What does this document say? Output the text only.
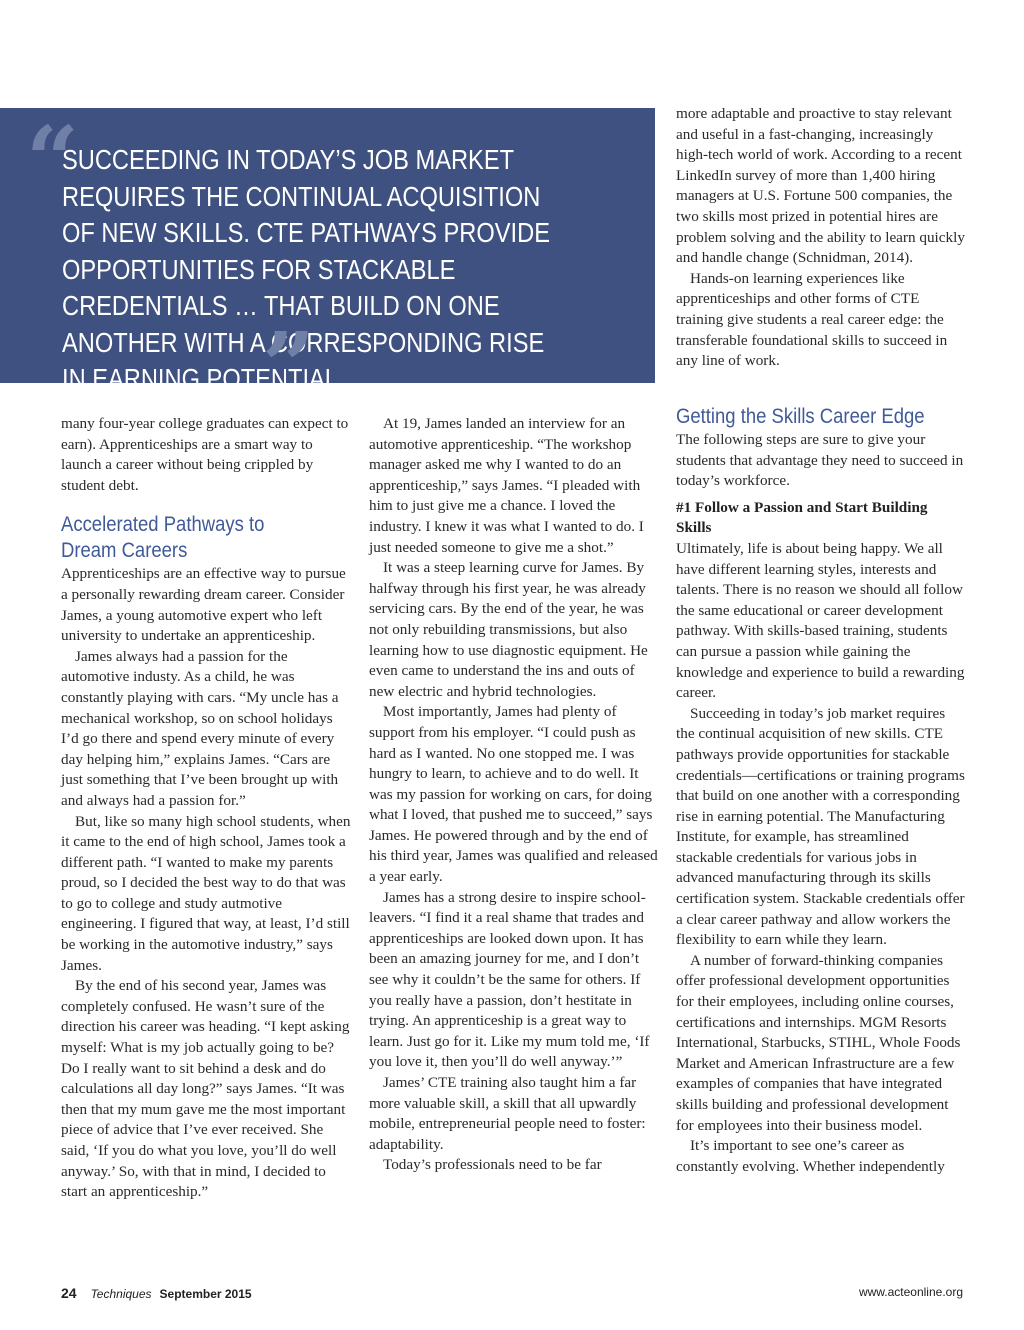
“
SUCCEEDING IN TODAY’S JOB MARKET REQUIRES THE CONTINUAL ACQUISITION OF NEW SKILLS. CTE PATHWAYS PROVIDE OPPORTUNITIES FOR STACKABLE CREDENTIALS … THAT BUILD ON ONE ANOTHER WITH A CORRESPONDING RISE IN EARNING POTENTIAL.
”

many four-year college graduates can expect to earn). Apprenticeships are a smart way to launch a career without being crippled by student debt.

Accelerated Pathways to Dream Careers

Apprenticeships are an effective way to pursue a personally rewarding dream career. Consider James, a young automotive expert who left university to undertake an apprenticeship.

James always had a passion for the automotive industy. As a child, he was constantly playing with cars. “My uncle has a mechanical workshop, so on school holidays I’d go there and spend every minute of every day helping him,” explains James. “Cars are just something that I’ve been brought up with and always had a passion for.”

But, like so many high school students, when it came to the end of high school, James took a different path. “I wanted to make my parents proud, so I decided the best way to do that was to go to college and study autmotive engineering. I figured that way, at least, I’d still be working in the automotive industry,” says James.

By the end of his second year, James was completely confused. He wasn’t sure of the direction his career was heading. “I kept asking myself: What is my job actually going to be? Do I really want to sit behind a desk and do calculations all day long?” says James. “It was then that my mum gave me the most important piece of advice that I’ve ever received. She said, ‘If you do what you love, you’ll do well anyway.’ So, with that in mind, I decided to start an apprenticeship.”

At 19, James landed an interview for an automotive apprenticeship. “The workshop manager asked me why I wanted to do an apprenticeship,” says James. “I pleaded with him to just give me a chance. I loved the industry. I knew it was what I wanted to do. I just needed someone to give me a shot.”

It was a steep learning curve for James. By halfway through his first year, he was already servicing cars. By the end of the year, he was not only rebuilding transmissions, but also learning how to use diagnostic equipment. He even came to understand the ins and outs of new electric and hybrid technologies.

Most importantly, James had plenty of support from his employer. “I could push as hard as I wanted. No one stopped me. I was hungry to learn, to achieve and to do well. It was my passion for working on cars, for doing what I loved, that pushed me to succeed,” says James. He powered through and by the end of his third year, James was qualified and released a year early.

James has a strong desire to inspire school-leavers. “I find it a real shame that trades and apprenticeships are looked down upon. It has been an amazing journey for me, and I don’t see why it couldn’t be the same for others. If you really have a passion, don’t hestitate in trying. An apprenticeship is a great way to learn. Just go for it. Like my mum told me, ‘If you love it, then you’ll do well anyway.’”

James’ CTE training also taught him a far more valuable skill, a skill that all upwardly mobile, entrepreneurial people need to foster: adaptability.

Today’s professionals need to be far

more adaptable and proactive to stay relevant and useful in a fast-changing, increasingly high-tech world of work. According to a recent LinkedIn survey of more than 1,400 hiring managers at U.S. Fortune 500 companies, the two skills most prized in potential hires are problem solving and the ability to learn quickly and handle change (Schnidman, 2014).

Hands-on learning experiences like apprenticeships and other forms of CTE training give students a real career edge: the transferable foundational skills to succeed in any line of work.

Getting the Skills Career Edge

The following steps are sure to give your students that advantage they need to succeed in today’s workforce.

#1 Follow a Passion and Start Building Skills

Ultimately, life is about being happy. We all have different learning styles, interests and talents. There is no reason we should all follow the same educational or career development pathway. With skills-based training, students can pursue a passion while gaining the knowledge and experience to build a rewarding career.

Succeeding in today’s job market requires the continual acquisition of new skills. CTE pathways provide opportunities for stackable credentials—certifications or training programs that build on one another with a corresponding rise in earning potential. The Manufacturing Institute, for example, has streamlined stackable credentials for various jobs in advanced manufacturing through its skills certification system. Stackable credentials offer a clear career pathway and allow workers the flexibility to earn while they learn.

A number of forward-thinking companies offer professional development opportunities for their employees, including online courses, certifications and internships. MGM Resorts International, Starbucks, STIHL, Whole Foods Market and American Infrastructure are a few examples of companies that have integrated skills building and professional development for employees into their business model.

It’s important to see one’s career as constantly evolving. Whether independently

24 Techniques September 2015	www.acteonline.org
